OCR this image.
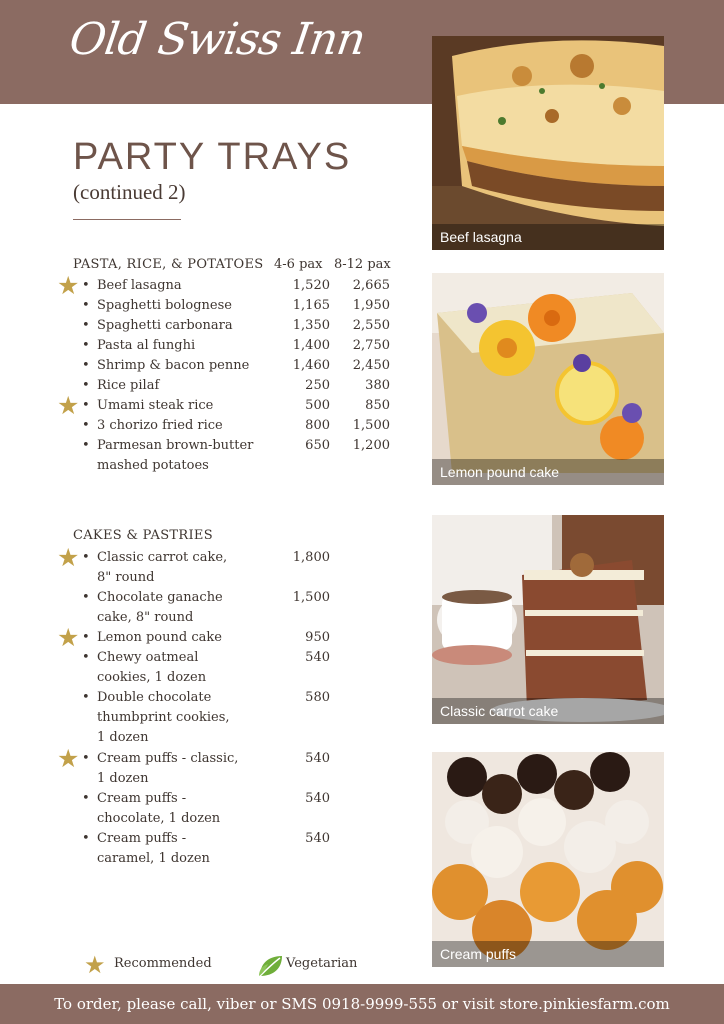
Old Swiss Inn
PARTY TRAYS
(continued 2)
PASTA, RICE, & POTATOES 4-6 pax 8-12 pax
★ • Beef lasagna	1,520 2,665
• Spaghetti bolognese	1,165 1,950
• Spaghetti carbonara	1,350 2,550
• Pasta al funghi	1,400 2,750
• Shrimp & bacon penne	1,460 2,450
• Rice pilaf	250	380
★ • Umami steak rice	500	850
• 3 chorizo fried rice	800 1,500
• Parmesan brown-butter
mashed potatoes
650 1,200
CAKES & PASTRIES
★ • Classic carrot cake,
8" round
1,800
• Chocolate ganache
cake, 8" round
1,500
★ • Lemon pound cake	950
• Chewy oatmeal
cookies, 1 dozen
540
• Double chocolate
thumbprint cookies,
1 dozen
580
★ • Cream puffs - classic,
1 dozen
540
• Cream puffs -
chocolate, 1 dozen
540
• Cream puffs -
caramel, 1 dozen
540
Beef lasagna
Lemon pound cake
Classic carrot cake
Cream puffs
★ Recommended	Vegetarian
To order, please call, viber or SMS 0918-9999-555 or visit store.pinkiesfarm.com
